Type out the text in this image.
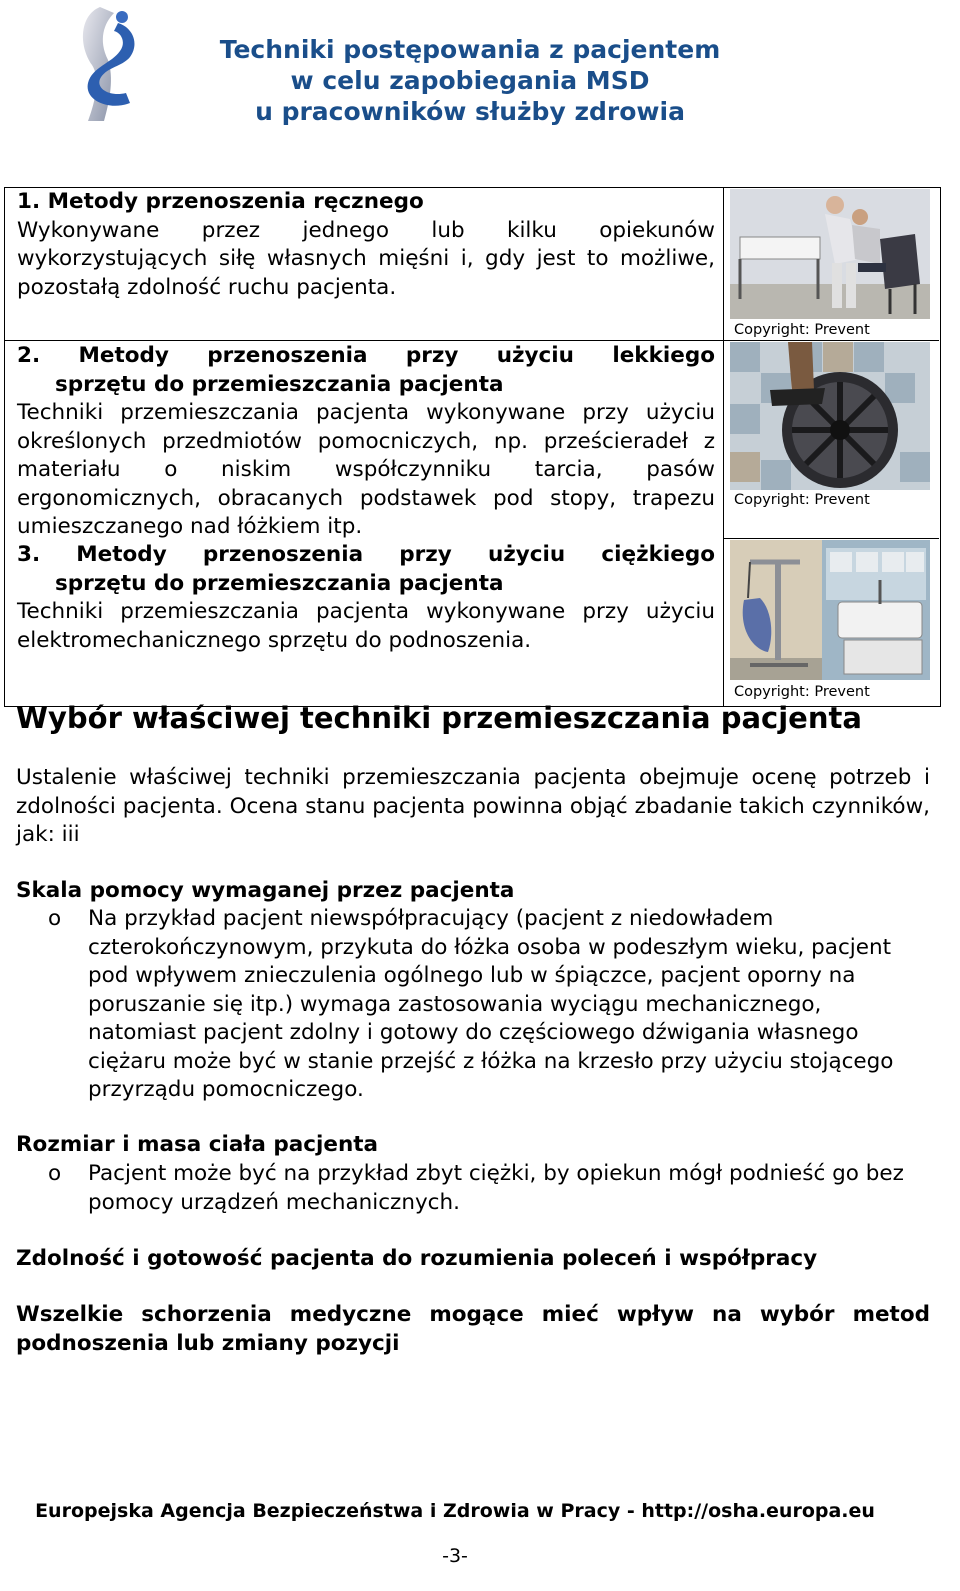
Techniki postępowania z pacjentem
w celu zapobiegania MSD
u pracowników służby zdrowia
1. Metody przenoszenia ręcznego
Wykonywane przez jednego lub kilku opiekunów wykorzystujących siłę własnych mięśni i, gdy jest to możliwe, pozostałą zdolność ruchu pacjenta.
2. Metody przenoszenia przy użyciu lekkiego
sprzętu do przemieszczania pacjenta
Techniki przemieszczania pacjenta wykonywane przy użyciu określonych przedmiotów pomocniczych, np. prześcieradeł z materiału o niskim współczynniku tarcia, pasów ergonomicznych, obracanych podstawek pod stopy, trapezu umieszczanego nad łóżkiem itp.
3. Metody przenoszenia przy użyciu ciężkiego
sprzętu do przemieszczania pacjenta
Techniki przemieszczania pacjenta wykonywane przy użyciu elektromechanicznego sprzętu do podnoszenia.
Copyright: Prevent
Copyright: Prevent
Copyright: Prevent
Wybór właściwej techniki przemieszczania pacjenta
Ustalenie właściwej techniki przemieszczania pacjenta obejmuje ocenę potrzeb i zdolności pacjenta. Ocena stanu pacjenta powinna objąć zbadanie takich czynników, jak: iii
Skala pomocy wymaganej przez pacjenta
o	Na przykład pacjent niewspółpracujący (pacjent z niedowładem czterokończynowym, przykuta do łóżka osoba w podeszłym wieku, pacjent pod wpływem znieczulenia ogólnego lub w śpiączce, pacjent oporny na poruszanie się itp.) wymaga zastosowania wyciągu mechanicznego, natomiast pacjent zdolny i gotowy do częściowego dźwigania własnego ciężaru może być w stanie przejść z łóżka na krzesło przy użyciu stojącego przyrządu pomocniczego.
Rozmiar i masa ciała pacjenta
o	Pacjent może być na przykład zbyt ciężki, by opiekun mógł podnieść go bez pomocy urządzeń mechanicznych.
Zdolność i gotowość pacjenta do rozumienia poleceń i współpracy
Wszelkie schorzenia medyczne mogące mieć wpływ na wybór metod podnoszenia lub zmiany pozycji
Europejska Agencja Bezpieczeństwa i Zdrowia w Pracy - http://osha.europa.eu
-3-
